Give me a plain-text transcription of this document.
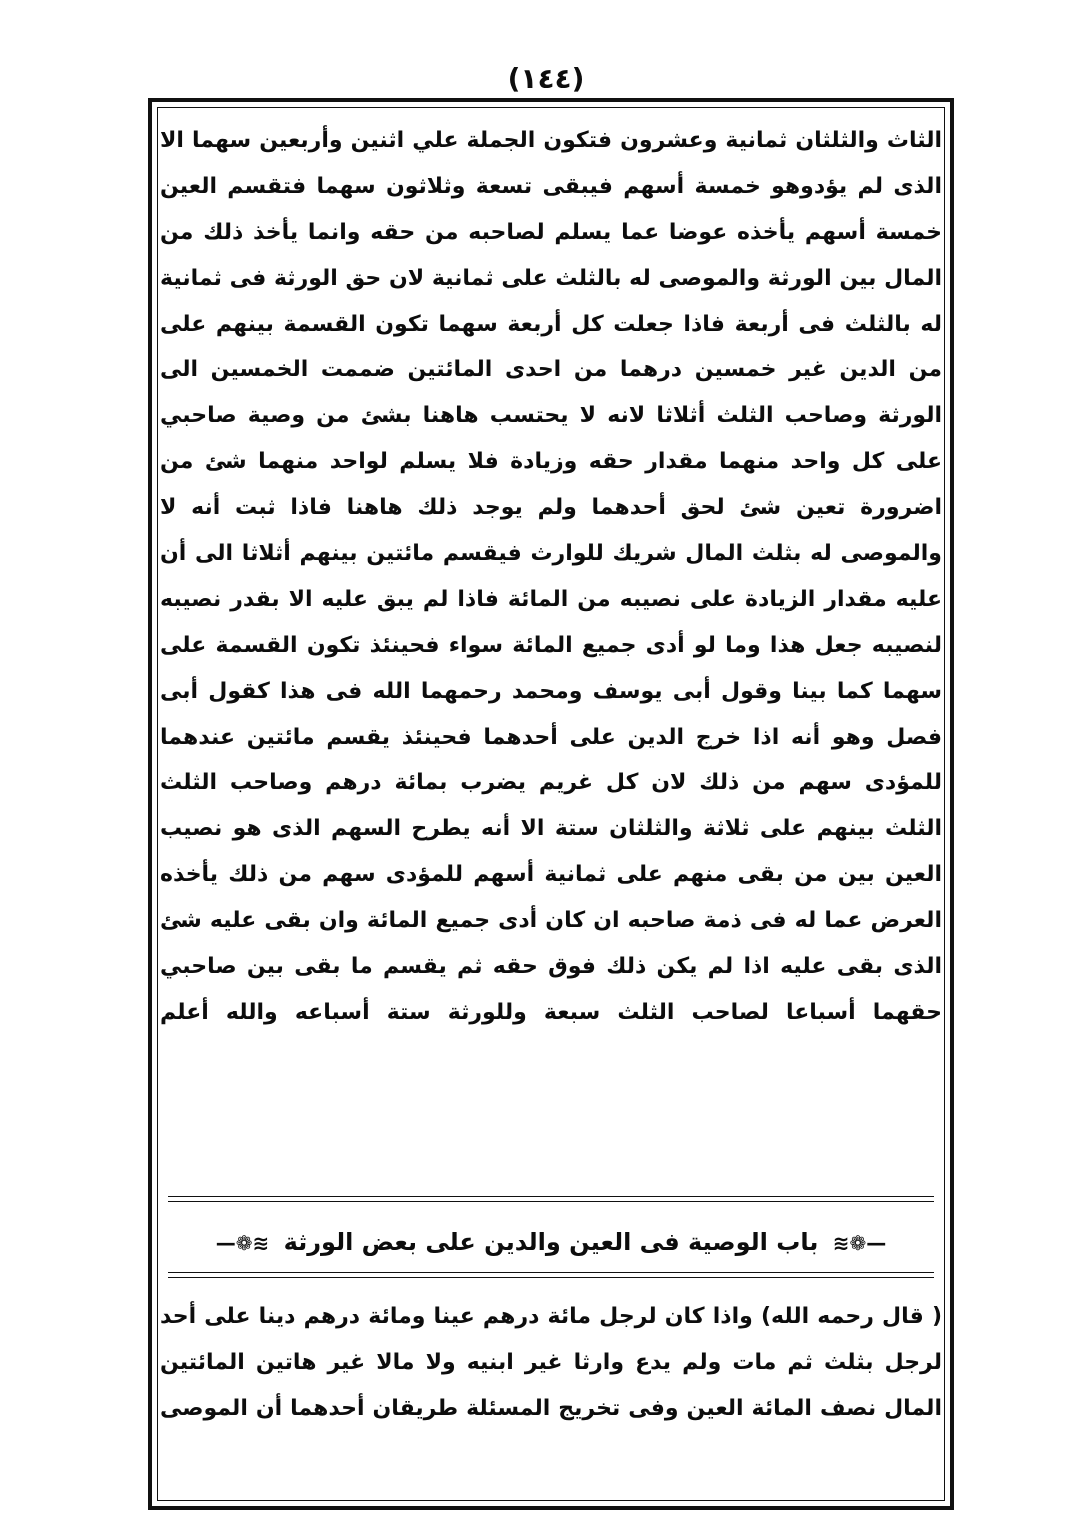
(١٤٤)
الثاث والثلثان ثمانية وعشرون فتكون الجملة علي اثنين وأربعين سهما الا
الذى لم يؤدوهو خمسة أسهم فيبقى تسعة وثلاثون سهما فتقسم العين
خمسة أسهم يأخذه عوضا عما يسلم لصاحبه من حقه وانما يأخذ ذلك من
المال بين الورثة والموصى له بالثلث على ثمانية لان حق الورثة فى ثمانية
له بالثلث فى أربعة فاذا جعلت كل أربعة سهما تكون القسمة بينهم على
من الدين غير خمسين درهما من احدى المائتين ضممت الخمسين الى
الورثة وصاحب الثلث أثلاثا لانه لا يحتسب هاهنا بشئ من وصية صاحبي
على كل واحد منهما مقدار حقه وزيادة فلا يسلم لواحد منهما شئ من
اضرورة تعين شئ لحق أحدهما ولم يوجد ذلك هاهنا فاذا ثبت أنه لا
والموصى له بثلث المال شريك للوارث فيقسم مائتين بينهم أثلاثا الى أن
عليه مقدار الزيادة على نصيبه من المائة فاذا لم يبق عليه الا بقدر نصيبه
لنصيبه جعل هذا وما لو أدى جميع المائة سواء فحينئذ تكون القسمة على
سهما كما بينا وقول أبى يوسف ومحمد رحمهما الله فى هذا كقول أبى
فصل وهو أنه اذا خرج الدين على أحدهما فحينئذ يقسم مائتين عندهما
للمؤدى سهم من ذلك لان كل غريم يضرب بمائة درهم وصاحب الثلث
الثلث بينهم على ثلاثة والثلثان ستة الا أنه يطرح السهم الذى هو نصيب
العين بين من بقى منهم على ثمانية أسهم للمؤدى سهم من ذلك يأخذه
العرض عما له فى ذمة صاحبه ان كان أدى جميع المائة وان بقى عليه شئ
الذى بقى عليه اذا لم يكن ذلك فوق حقه ثم يقسم ما بقى بين صاحبي
حقهما أسباعا لصاحب الثلث سبعة وللورثة ستة أسباعه والله أعلم
—❁≋ باب الوصية فى العين والدين على بعض الورثة ≋❁—
( قال رحمه الله) واذا كان لرجل مائة درهم عينا ومائة درهم دينا على أحد
لرجل بثلث ثم مات ولم يدع وارثا غير ابنيه ولا مالا غير هاتين المائتين
المال نصف المائة العين وفى تخريج المسئلة طريقان أحدهما أن الموصى
